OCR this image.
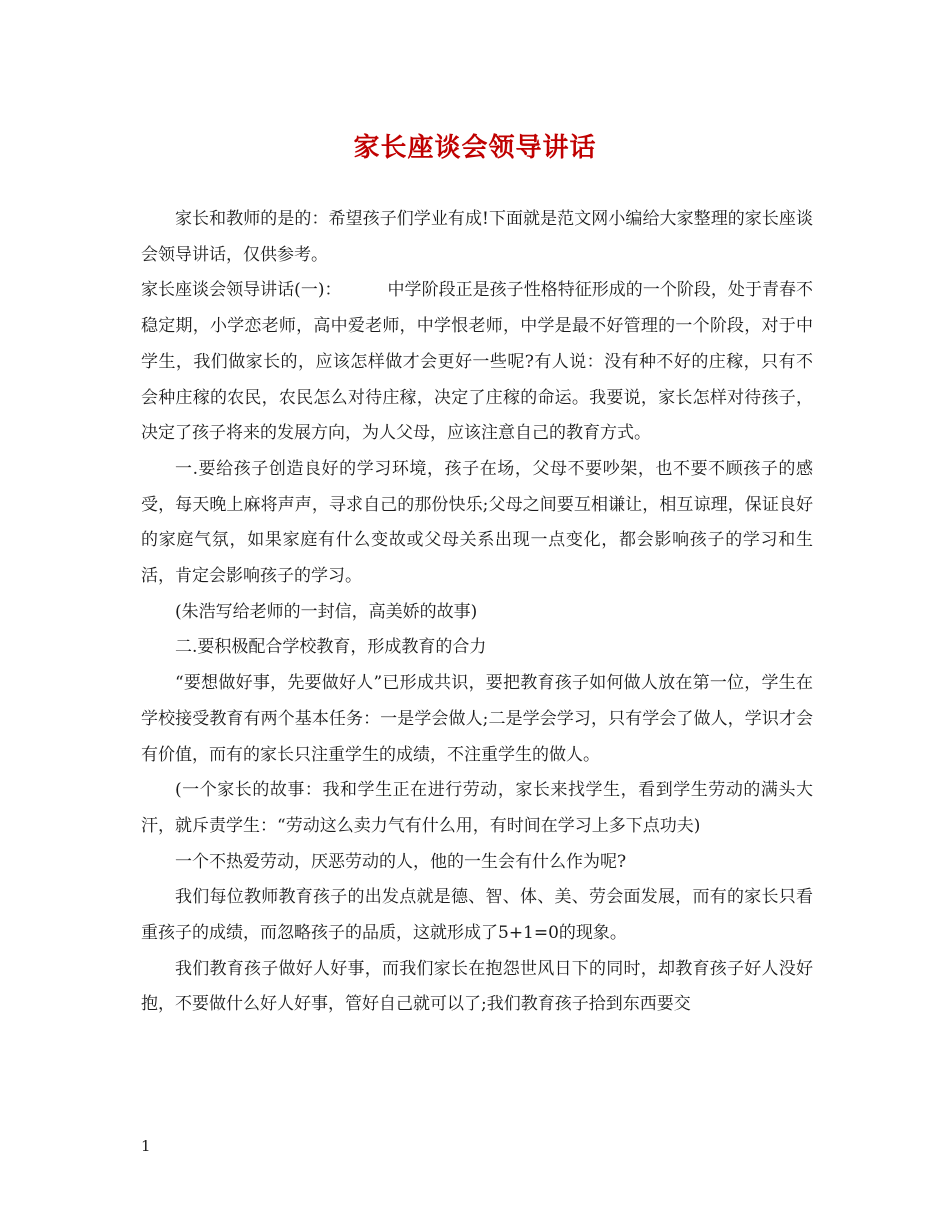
家长座谈会领导讲话

家长和教师的是的：希望孩子们学业有成!下面就是范文网小编给大家整理的家长座谈会领导讲话，仅供参考。

家长座谈会领导讲话(一)：	中学阶段正是孩子性格特征形成的一个阶段，处于青春不稳定期，小学恋老师，高中爱老师，中学恨老师，中学是最不好管理的一个阶段，对于中学生，我们做家长的，应该怎样做才会更好一些呢?有人说：没有种不好的庄稼，只有不会种庄稼的农民，农民怎么对待庄稼，决定了庄稼的命运。我要说，家长怎样对待孩子，决定了孩子将来的发展方向，为人父母，应该注意自己的教育方式。

一.要给孩子创造良好的学习环境，孩子在场，父母不要吵架，也不要不顾孩子的感受，每天晚上麻将声声，寻求自己的那份快乐;父母之间要互相谦让，相互谅理，保证良好的家庭气氛，如果家庭有什么变故或父母关系出现一点变化，都会影响孩子的学习和生活，肯定会影响孩子的学习。

(朱浩写给老师的一封信，高美娇的故事)

二.要积极配合学校教育，形成教育的合力

“要想做好事，先要做好人”已形成共识，要把教育孩子如何做人放在第一位，学生在学校接受教育有两个基本任务：一是学会做人;二是学会学习，只有学会了做人，学识才会有价值，而有的家长只注重学生的成绩，不注重学生的做人。

(一个家长的故事：我和学生正在进行劳动，家长来找学生，看到学生劳动的满头大汗，就斥责学生：“劳动这么卖力气有什么用，有时间在学习上多下点功夫)

一个不热爱劳动，厌恶劳动的人，他的一生会有什么作为呢?

我们每位教师教育孩子的出发点就是德、智、体、美、劳会面发展，而有的家长只看重孩子的成绩，而忽略孩子的品质，这就形成了5+1=0的现象。

我们教育孩子做好人好事，而我们家长在抱怨世风日下的同时，却教育孩子好人没好抱，不要做什么好人好事，管好自己就可以了;我们教育孩子拾到东西要交

1
